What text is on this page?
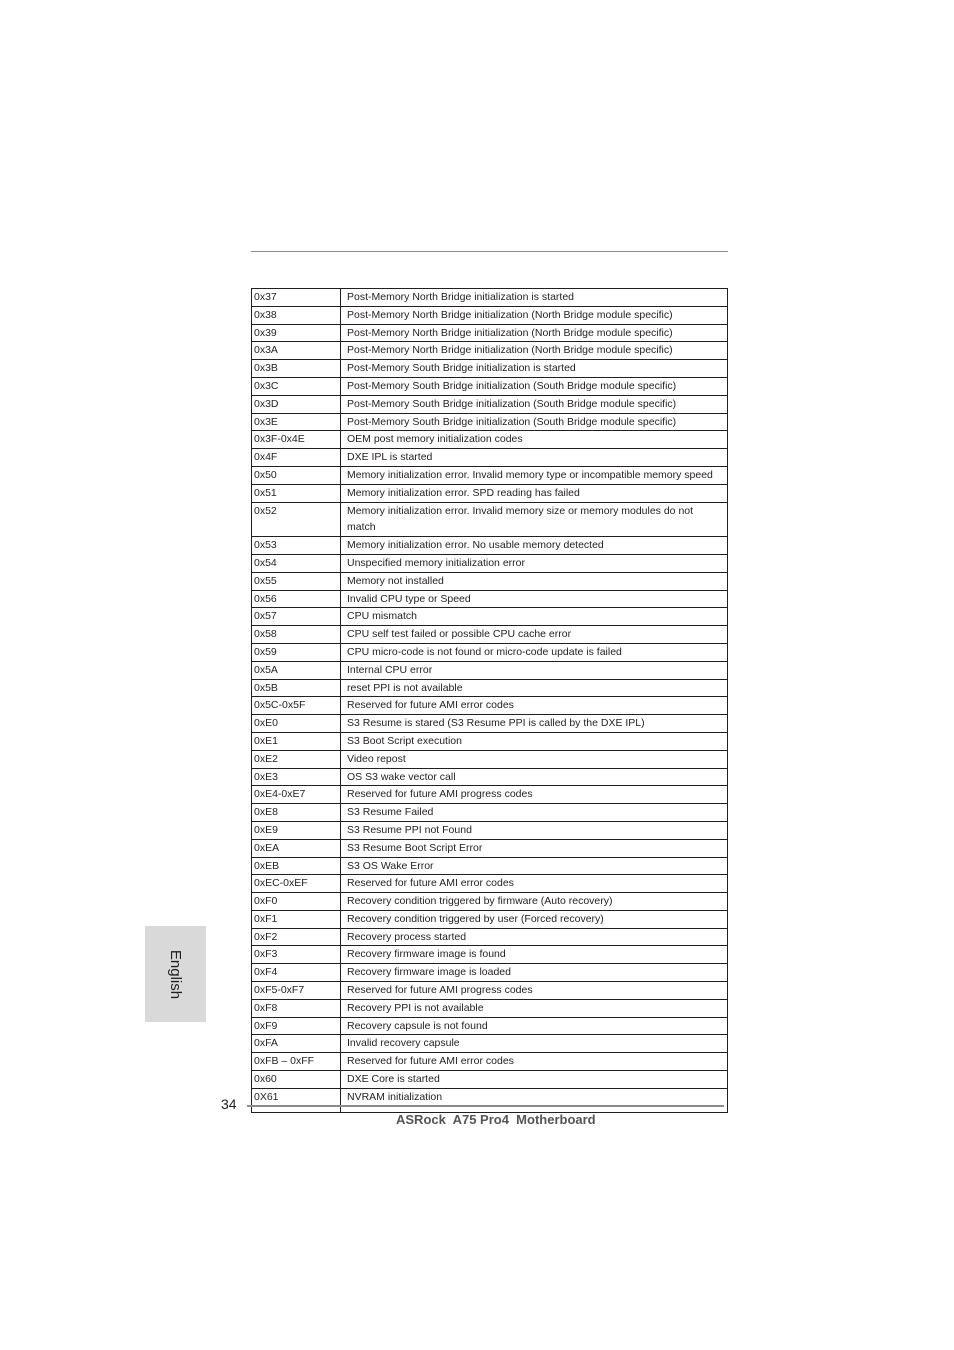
0x37	Post-Memory North Bridge initialization is started
0x38	Post-Memory North Bridge initialization (North Bridge module specific)
0x39	Post-Memory North Bridge initialization (North Bridge module specific)
0x3A	Post-Memory North Bridge initialization (North Bridge module specific)
0x3B	Post-Memory South Bridge initialization is started
0x3C	Post-Memory South Bridge initialization (South Bridge module specific)
0x3D	Post-Memory South Bridge initialization (South Bridge module specific)
0x3E	Post-Memory South Bridge initialization (South Bridge module specific)
0x3F-0x4E	OEM post memory initialization codes
0x4F	DXE IPL is started
0x50	Memory initialization error. Invalid memory type or incompatible memory speed
0x51	Memory initialization error. SPD reading has failed
0x52	Memory initialization error. Invalid memory size or memory modules do not match
0x53	Memory initialization error. No usable memory detected
0x54	Unspecified memory initialization error
0x55	Memory not installed
0x56	Invalid CPU type or Speed
0x57	CPU mismatch
0x58	CPU self test failed or possible CPU cache error
0x59	CPU micro-code is not found or micro-code update is failed
0x5A	Internal CPU error
0x5B	reset PPI is not available
0x5C-0x5F	Reserved for future AMI error codes
0xE0	S3 Resume is stared (S3 Resume PPI is called by the DXE IPL)
0xE1	S3 Boot Script execution
0xE2	Video repost
0xE3	OS S3 wake vector call
0xE4-0xE7	Reserved for future AMI progress codes
0xE8	S3 Resume Failed
0xE9	S3 Resume PPI not Found
0xEA	S3 Resume Boot Script Error
0xEB	S3 OS Wake Error
0xEC-0xEF	Reserved for future AMI error codes
0xF0	Recovery condition triggered by firmware (Auto recovery)
0xF1	Recovery condition triggered by user (Forced recovery)
0xF2	Recovery process started
0xF3	Recovery firmware image is found
0xF4	Recovery firmware image is loaded
0xF5-0xF7	Reserved for future AMI progress codes
0xF8	Recovery PPI is not available
0xF9	Recovery capsule is not found
0xFA	Invalid recovery capsule
0xFB – 0xFF	Reserved for future AMI error codes
0x60	DXE Core is started
0X61	NVRAM initialization
English
34
ASRock  A75 Pro4  Motherboard
